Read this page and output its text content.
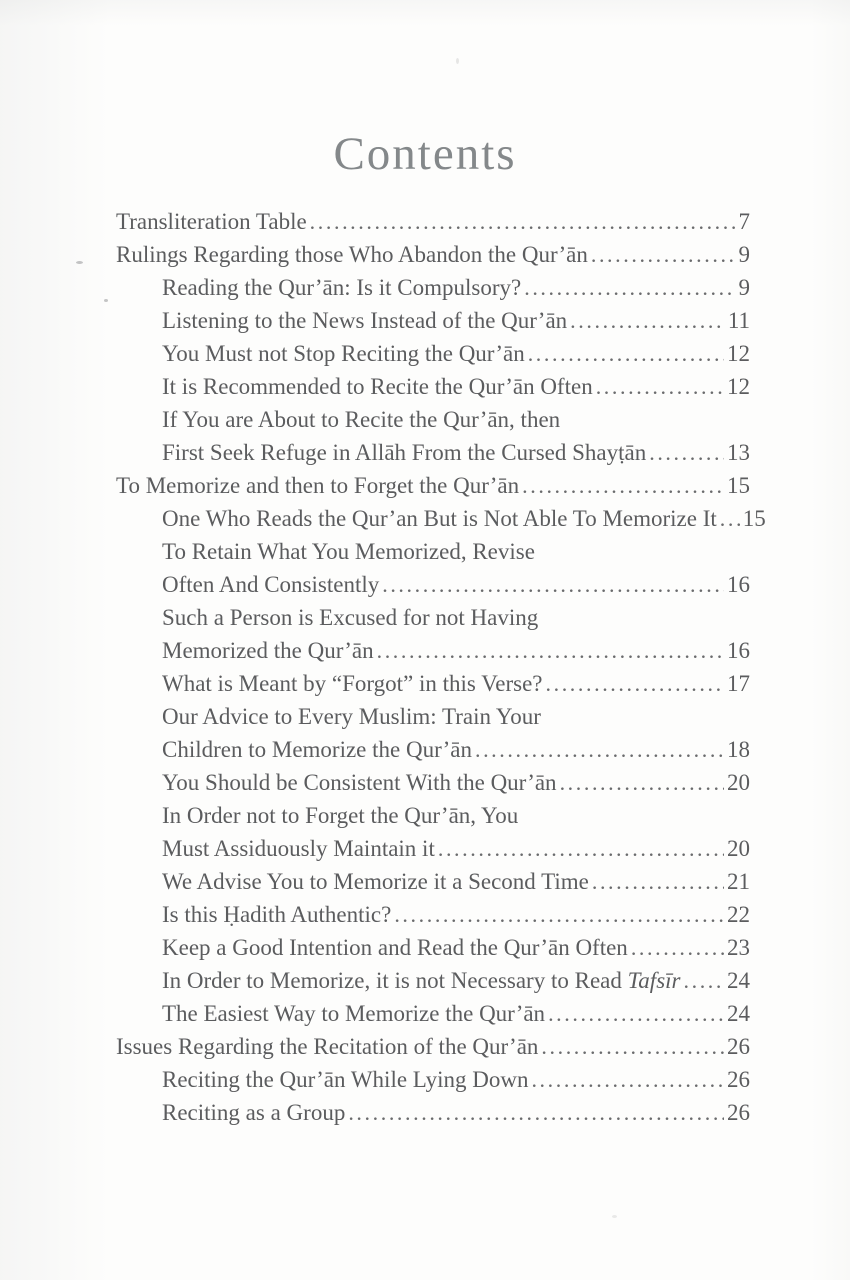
Contents
Transliteration Table .....	7
Rulings Regarding those Who Abandon the Qur’ān .....	9
Reading the Qur’ān: Is it Compulsory? .....	9
Listening to the News Instead of the Qur’ān .....	11
You Must not Stop Reciting the Qur’ān .....	12
It is Recommended to Recite the Qur’ān Often .....	12
If You are About to Recite the Qur’ān, then
First Seek Refuge in Allāh From the Cursed Shayṭān .....	13
To Memorize and then to Forget the Qur’ān .....	15
One Who Reads the Qur’an But is Not Able To Memorize It ..... 15
To Retain What You Memorized, Revise
Often And Consistently .....	16
Such a Person is Excused for not Having
Memorized the Qur’ān .....	16
What is Meant by “Forgot” in this Verse? .....	17
Our Advice to Every Muslim: Train Your
Children to Memorize the Qur’ān .....	18
You Should be Consistent With the Qur’ān .....	20
In Order not to Forget the Qur’ān, You
Must Assiduously Maintain it .....	20
We Advise You to Memorize it a Second Time .....	21
Is this Ḥadith Authentic? .....	22
Keep a Good Intention and Read the Qur’ān Often .....	23
In Order to Memorize, it is not Necessary to Read Tafsīr ..... 24
The Easiest Way to Memorize the Qur’ān .....	24
Issues Regarding the Recitation of the Qur’ān .....	26
Reciting the Qur’ān While Lying Down .....	26
Reciting as a Group .....	26
